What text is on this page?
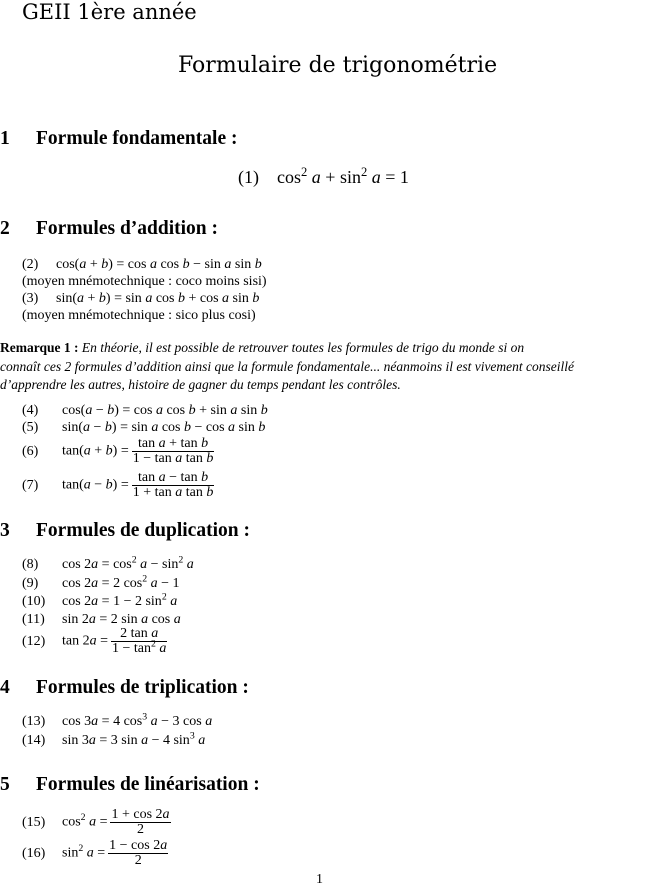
GEII 1ère année
Formulaire de trigonométrie
1 Formule fondamentale :
(1)    $\cos^2 a + \sin^2 a = 1$
2 Formules d’addition :
(2) cos(a + b) = cos a cos b − sin a sin b
(moyen mnémotechnique : coco moins sisi)
(3) sin(a + b) = sin a cos b + cos a sin b
(moyen mnémotechnique : sico plus cosi)
Remarque 1 : En théorie, il est possible de retrouver toutes les formules de trigo du monde si on
connaît ces 2 formules d’addition ainsi que la formule fondamentale... néanmoins il est vivement conseillé
d’apprendre les autres, histoire de gagner du temps pendant les contrôles.
(4) cos(a − b) = cos a cos b + sin a sin b
(5) sin(a − b) = sin a cos b − cos a sin b
(6) $\tan(a + b) = \frac{\text{tan a + tan b}}{\text{1 − tan a tan b}}$
(7) $\tan(a - b) = \frac{\text{tan a − tan b}}{\text{1 + tan a tan b}}$
3 Formules de duplication :
(8) $\cos 2a = \cos^2 a - \sin^2 a$
(9) cos 2a = 2 $\cos^2 a - 1$
(10) cos 2a = 1 − 2 $\sin^2 a$
(11) sin 2a = 2 sin a cos a
(12) $\tan 2a = \frac{\text{2 tan a}}{1 - \tan^2 a}$
4 Formules de triplication :
(13) cos 3a = 4 $\cos^3 a - 3$ cos a
(14) sin 3a = 3 sin a − 4 $\sin^3 a$
5 Formules de linéarisation :
(15) $\cos^2 a = \frac{1 + \cos 2a}{2}$
(16) $\sin^2 a = \frac{1 - \cos 2a}{2}$
1
